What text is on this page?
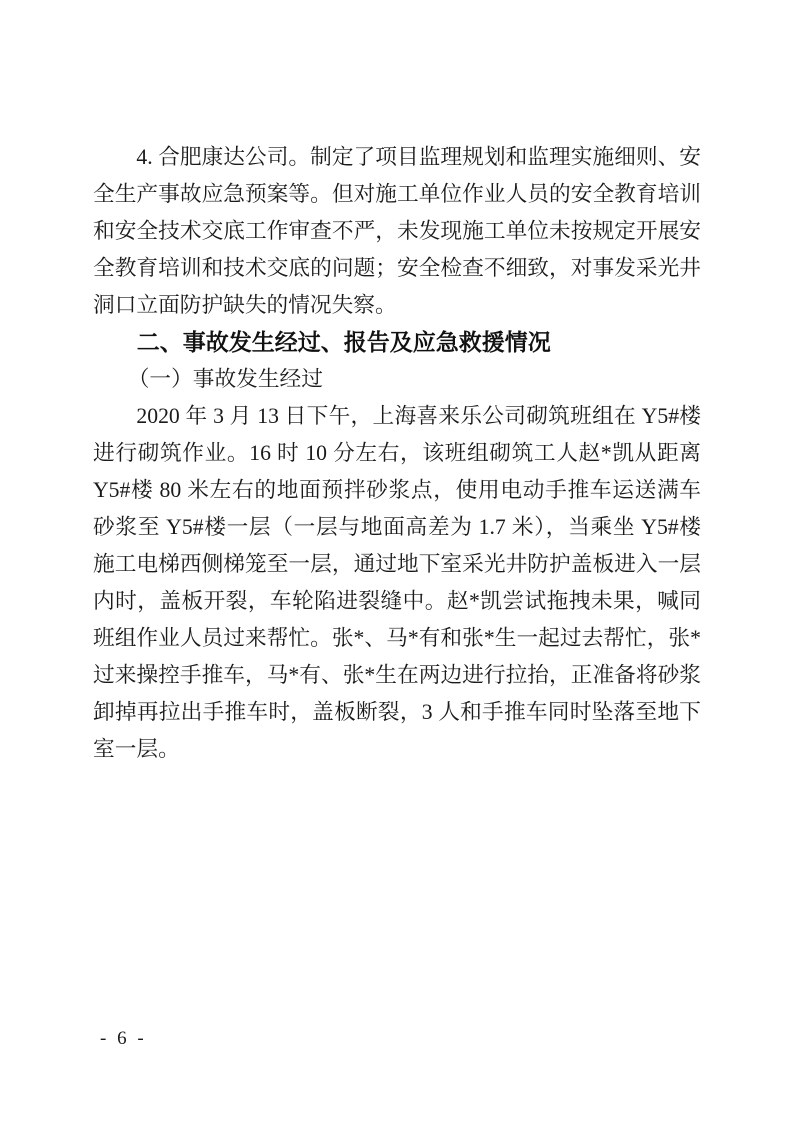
4. 合肥康达公司。制定了项目监理规划和监理实施细则、安全生产事故应急预案等。但对施工单位作业人员的安全教育培训和安全技术交底工作审查不严，未发现施工单位未按规定开展安全教育培训和技术交底的问题；安全检查不细致，对事发采光井洞口立面防护缺失的情况失察。

二、事故发生经过、报告及应急救援情况
（一）事故发生经过

2020 年 3 月 13 日下午，上海喜来乐公司砌筑班组在 Y5#楼进行砌筑作业。16 时 10 分左右，该班组砌筑工人赵*凯从距离 Y5#楼 80 米左右的地面预拌砂浆点，使用电动手推车运送满车砂浆至 Y5#楼一层（一层与地面高差为 1.7 米），当乘坐 Y5#楼施工电梯西侧梯笼至一层，通过地下室采光井防护盖板进入一层内时，盖板开裂，车轮陷进裂缝中。赵*凯尝试拖拽未果，喊同班组作业人员过来帮忙。张*、马*有和张*生一起过去帮忙，张*过来操控手推车，马*有、张*生在两边进行拉抬，正准备将砂浆卸掉再拉出手推车时，盖板断裂，3 人和手推车同时坠落至地下室一层。

- 6 -
